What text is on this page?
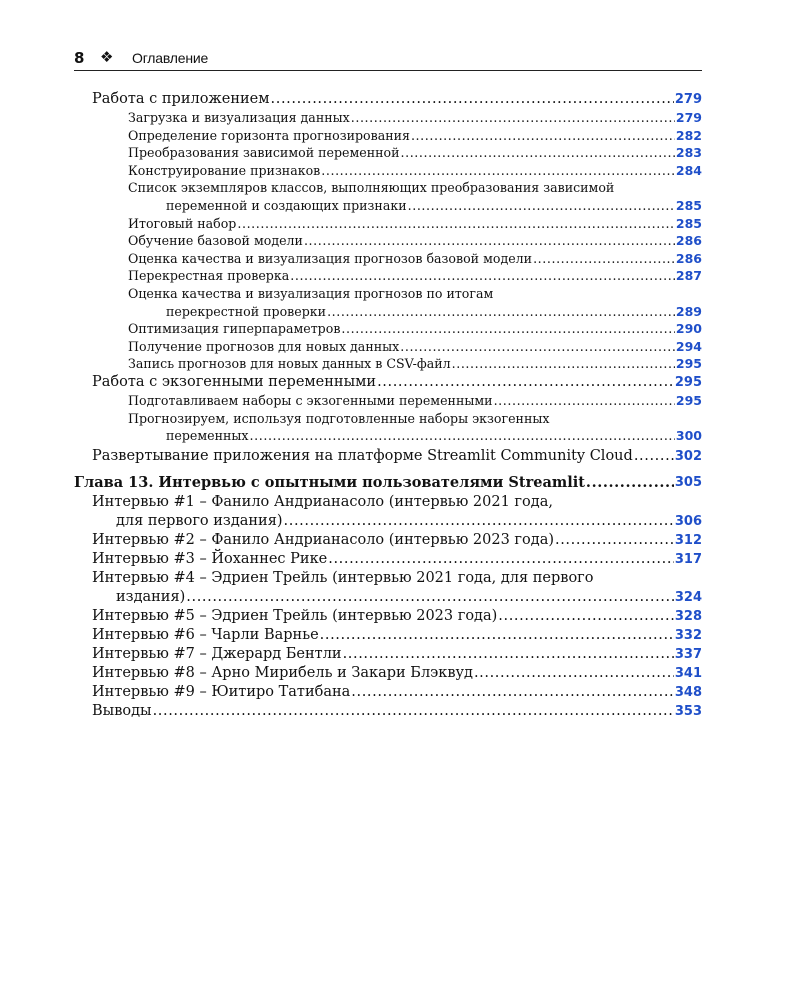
8 ❖ Оглавление
Работа с приложением .....	279
Загрузка и визуализация данных .....	279
Определение горизонта прогнозирования .....	282
Преобразования зависимой переменной .....	283
Конструирование признаков .....	284
Список экземпляров классов, выполняющих преобразования зависимой
переменной и создающих признаки .....	285
Итоговый набор .....	285
Обучение базовой модели .....	286
Оценка качества и визуализация прогнозов базовой модели .....	286
Перекрестная проверка .....	287
Оценка качества и визуализация прогнозов по итогам
перекрестной проверки .....	289
Оптимизация гиперпараметров .....	290
Получение прогнозов для новых данных .....	294
Запись прогнозов для новых данных в CSV-файл .....	295
Работа с экзогенными переменными .....	295
Подготавливаем наборы с экзогенными переменными .....	295
Прогнозируем, используя подготовленные наборы экзогенных
переменных .....	300
Развертывание приложения на платформе Streamlit Community Cloud .....	302
Глава 13. Интервью с опытными пользователями Streamlit .....	305
Интервью #1 – Фанило Андрианасоло (интервью 2021 года,
для первого издания) .....	306
Интервью #2 – Фанило Андрианасоло (интервью 2023 года) .....	312
Интервью #3 – Йоханнес Рике .....	317
Интервью #4 – Эдриен Трейль (интервью 2021 года, для первого
издания) .....	324
Интервью #5 – Эдриен Трейль (интервью 2023 года) .....	328
Интервью #6 – Чарли Варнье .....	332
Интервью #7 – Джерард Бентли .....	337
Интервью #8 – Арно Мирибель и Закари Блэквуд .....	341
Интервью #9 – Юитиро Татибана .....	348
Выводы .....	353
